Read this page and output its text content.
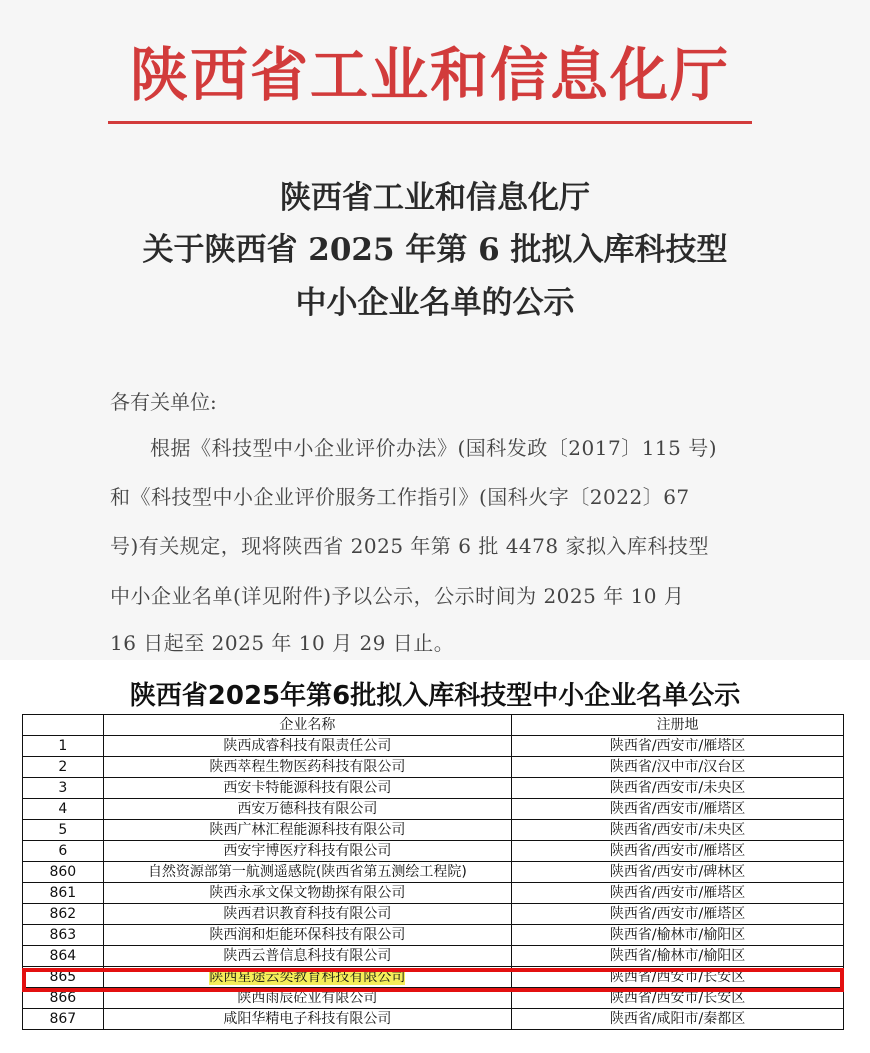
陕西省工业和信息化厅
陕西省工业和信息化厅
关于陕西省 2025 年第 6 批拟入库科技型
中小企业名单的公示
各有关单位:
根据《科技型中小企业评价办法》(国科发政〔2017〕115 号)
和《科技型中小企业评价服务工作指引》(国科火字〔2022〕67
号)有关规定，现将陕西省 2025 年第 6 批 4478 家拟入库科技型
中小企业名单(详见附件)予以公示，公示时间为 2025 年 10 月
16 日起至 2025 年 10 月 29 日止。
陕西省2025年第6批拟入库科技型中小企业名单公示
	企业名称	注册地
1	陕西成睿科技有限责任公司	陕西省/西安市/雁塔区
2	陕西萃程生物医药科技有限公司	陕西省/汉中市/汉台区
3	西安卡特能源科技有限公司	陕西省/西安市/未央区
4	西安万德科技有限公司	陕西省/西安市/雁塔区
5	陕西广林汇程能源科技有限公司	陕西省/西安市/未央区
6	西安宇博医疗科技有限公司	陕西省/西安市/雁塔区
860	自然资源部第一航测遥感院(陕西省第五测绘工程院)	陕西省/西安市/碑林区
861	陕西永承文保文物勘探有限公司	陕西省/西安市/雁塔区
862	陕西君识教育科技有限公司	陕西省/西安市/雁塔区
863	陕西润和炬能环保科技有限公司	陕西省/榆林市/榆阳区
864	陕西云普信息科技有限公司	陕西省/榆林市/榆阳区
865	陕西星途云奕教育科技有限公司	陕西省/西安市/长安区
866	陕西雨辰砼业有限公司	陕西省/西安市/长安区
867	咸阳华精电子科技有限公司	陕西省/咸阳市/秦都区
